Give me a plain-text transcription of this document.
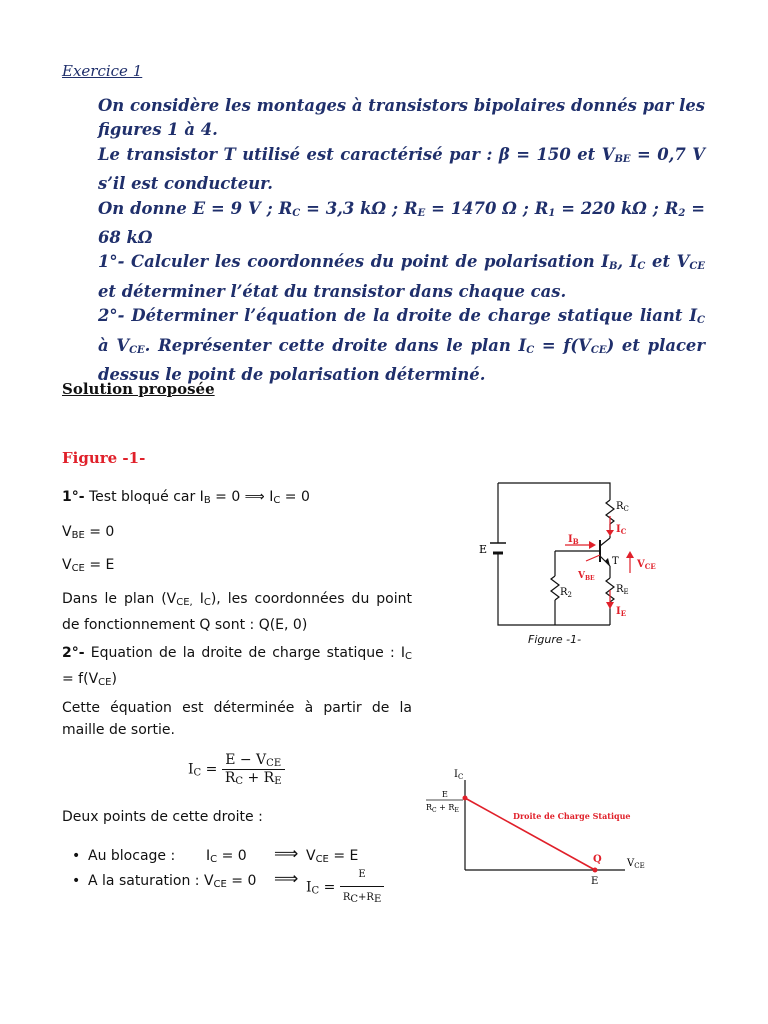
Exercice 1

On considère les montages à transistors bipolaires donnés par les figures 1 à 4.

Le transistor T utilisé est caractérisé par : β = 150 et $V_{BE} = 0,7$ V s’il est conducteur.

On donne E = 9 V ; $R_C = 3,3$ kΩ ; $R_E = 1470$ Ω ; $R_1 = 220$ kΩ ; $R_2 = 68$ kΩ

1°- Calculer les coordonnées du point de polarisation $I_B$, $I_C$ et $V_{CE}$ et déterminer l’état du transistor dans chaque cas.

2°- Déterminer l’équation de la droite de charge statique liant $I_C$ à $V_{CE}$. Représenter cette droite dans le plan $I_C = f(V_{CE})$ et placer dessus le point de polarisation déterminé.

Solution proposée
Figure -1-
1°- Test bloqué car $I_B = 0$ ⟹ $I_C = 0$
$V_{BE} = 0$
$V_{CE} = E$
Dans le plan ($V_{CE,}$ $I_C$), les coordonnées du point de fonctionnement Q sont : Q(E, 0)
2°- Equation de la droite de charge statique : $I_C = f(V_{CE})$
Cette équation est déterminée à partir de la maille de sortie.
$I_C = \frac{E - V_{CE}}{R_C + R_E}$
Deux points de cette droite :
• Au blocage : $I_C = 0$ ⟹ $V_{CE} = E$
• A la saturation : $V_{CE} = 0$ ⟹ $I_C = \frac{E}{R_C+R_E}$
E
$R_C$
$R_E$
$R_2$
T
$I_C$
$I_B$
$V_{CE}$
$V_{BE}$
$I_E$
Figure -1-
$I_C$
$V_{CE}$
E
$R_C + R_E$
E
Droite de Charge Statique
Q
